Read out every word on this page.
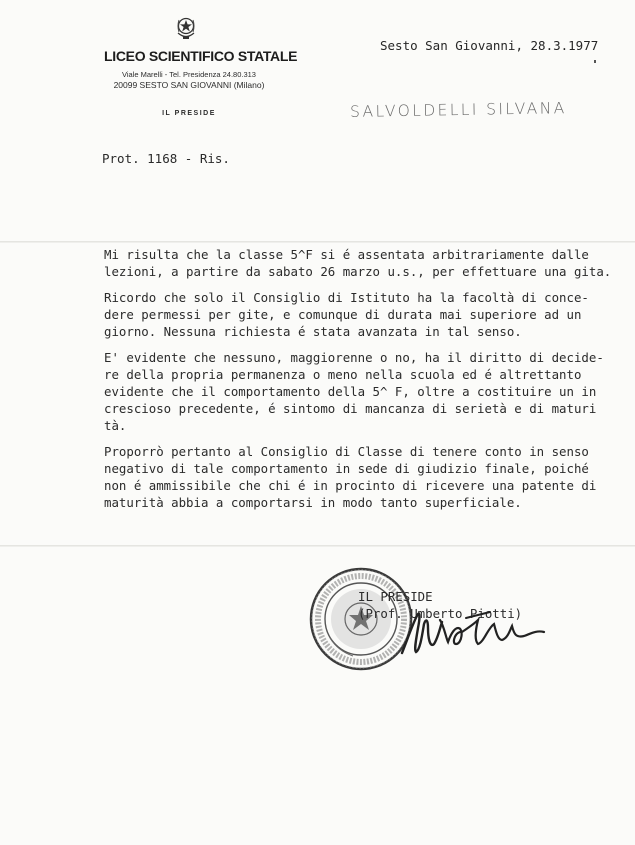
LICEO SCIENTIFICO STATALE
Viale Marelli - Tel. Presidenza 24.80.313
20099 SESTO SAN GIOVANNI (Milano)
IL PRESIDE
Sesto San Giovanni, 28.3.1977
SALVOLDELLI SILVANA
Prot. 1168 - Ris.

Mi risulta che la classe 5^F si é assentata arbitrariamente dalle
lezioni, a partire da sabato 26 marzo u.s., per effettuare una gita.

Ricordo che solo il Consiglio di Istituto ha la facoltà di conce-
dere permessi per gite, e comunque di durata mai superiore ad un
giorno. Nessuna richiesta é stata avanzata in tal senso.

E' evidente che nessuno, maggiorenne o no, ha il diritto di decide-
re della propria permanenza o meno nella scuola ed é altrettanto
evidente che il comportamento della 5^ F, oltre a costituire un in
crescioso precedente, é sintomo di mancanza di serietà e di maturi
tà.

Proporrò pertanto al Consiglio di Classe di tenere conto in senso
negativo di tale comportamento in sede di giudizio finale, poiché
non é ammissibile che chi é in procinto di ricevere una patente di
maturità abbia a comportarsi in modo tanto superficiale.

IL PRESIDE
(Prof. Umberto Piotti)
